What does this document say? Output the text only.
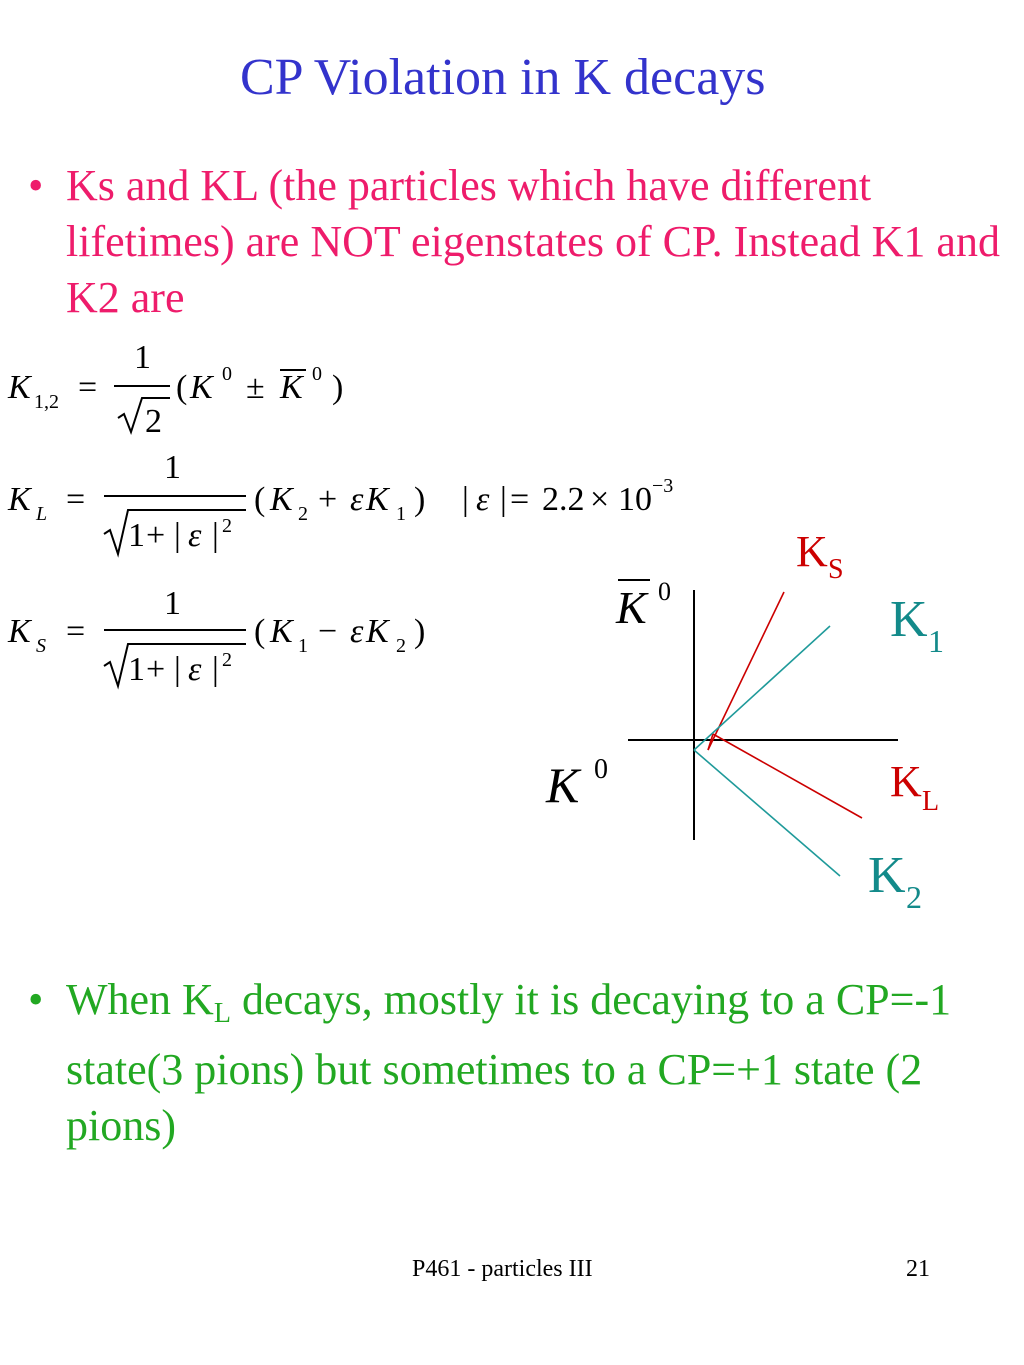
CP Violation in K decays
• Ks and KL (the particles which have different lifetimes) are NOT eigenstates of CP. Instead K1 and K2 are
K 1,2 =
1
2
( K 0 ± K 0 )
K L =
1
1 + | ε | 2
( K 2 + ε K 1 ) | ε | = 2.2 × 10 −3
K S =
1
1 + | ε | 2
( K 1 − ε K 2 )	K 0
K 0
K S
K 1
K L
K 2
• When $K_L$ decays, mostly it is decaying to a CP=-1 state(3 pions) but sometimes to a CP=+1 state (2 pions)
P461 - particles III	21
